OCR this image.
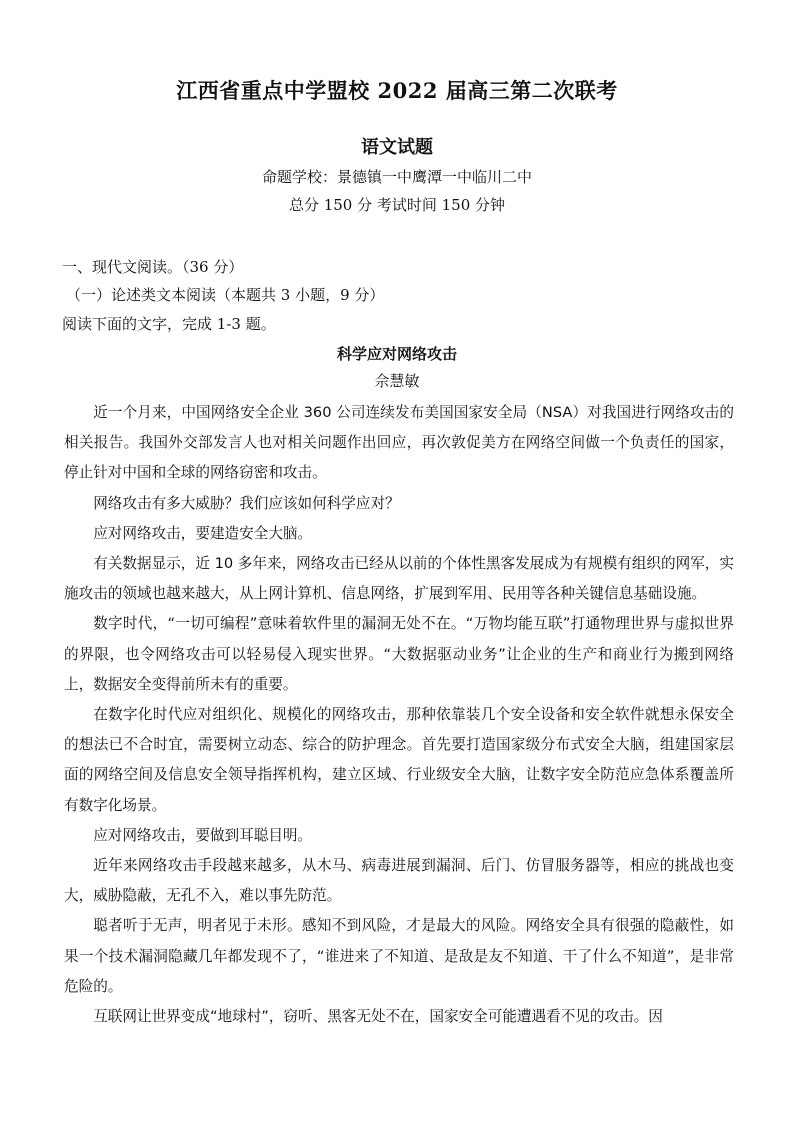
江西省重点中学盟校 2022 届高三第二次联考
语文试题
命题学校：景德镇一中鹰潭一中临川二中
总分 150 分 考试时间 150 分钟
一、现代文阅读。（36 分）
（一）论述类文本阅读（本题共 3 小题，9 分）
阅读下面的文字，完成 1-3 题。
科学应对网络攻击
佘慧敏

近一个月来，中国网络安全企业 360 公司连续发布美国国家安全局（NSA）对我国进行网络攻击的相关报告。我国外交部发言人也对相关问题作出回应，再次敦促美方在网络空间做一个负责任的国家，停止针对中国和全球的网络窃密和攻击。

网络攻击有多大威胁？我们应该如何科学应对？

应对网络攻击，要建造安全大脑。

有关数据显示，近 10 多年来，网络攻击已经从以前的个体性黑客发展成为有规模有组织的网军，实施攻击的领域也越来越大，从上网计算机、信息网络，扩展到军用、民用等各种关键信息基础设施。

数字时代，“一切可编程”意味着软件里的漏洞无处不在。“万物均能互联”打通物理世界与虚拟世界的界限，也令网络攻击可以轻易侵入现实世界。“大数据驱动业务”让企业的生产和商业行为搬到网络上，数据安全变得前所未有的重要。

在数字化时代应对组织化、规模化的网络攻击，那种依靠装几个安全设备和安全软件就想永保安全的想法已不合时宜，需要树立动态、综合的防护理念。首先要打造国家级分布式安全大脑，组建国家层面的网络空间及信息安全领导指挥机构，建立区域、行业级安全大脑，让数字安全防范应急体系覆盖所有数字化场景。

应对网络攻击，要做到耳聪目明。

近年来网络攻击手段越来越多，从木马、病毒进展到漏洞、后门、仿冒服务器等，相应的挑战也变大，威胁隐蔽，无孔不入，难以事先防范。

聪者听于无声，明者见于未形。感知不到风险，才是最大的风险。网络安全具有很强的隐蔽性，如果一个技术漏洞隐藏几年都发现不了，“谁进来了不知道、是敌是友不知道、干了什么不知道”，是非常危险的。

互联网让世界变成“地球村”，窃听、黑客无处不在，国家安全可能遭遇看不见的攻击。因
